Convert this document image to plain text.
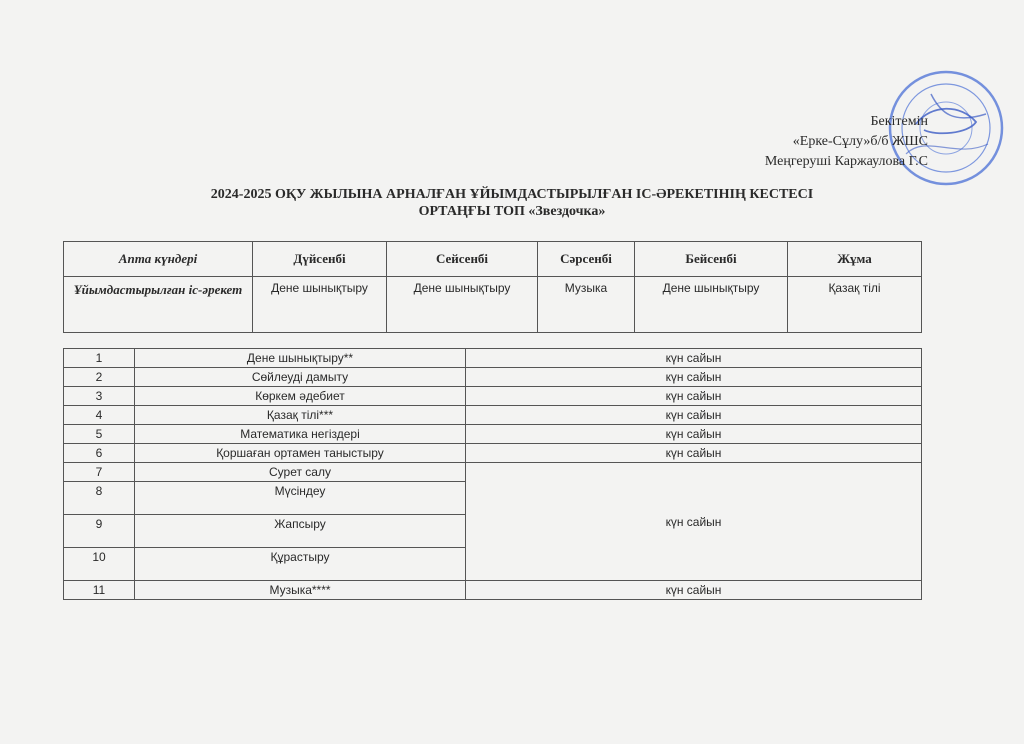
Бекітемін
«Ерке-Сұлу»б/б ЖШС
Меңгеруші Каржаулова Г.С
2024-2025 ОҚУ ЖЫЛЫНА АРНАЛҒАН ҰЙЫМДАСТЫРЫЛҒАН ІС-ӘРЕКЕТІНІҢ КЕСТЕСІ
ОРТАҢҒЫ ТОП «Звездочка»
Апта күндері	Дүйсенбі	Сейсенбі	Сәрсенбі	Бейсенбі	Жұма
Ұйымдастырылған іс-әрекет	Дене шынықтыру	Дене шынықтыру	Музыка	Дене шынықтыру	Қазақ тілі
1	Дене шынықтыру**	күн сайын
2	Сөйлеуді дамыту	күн сайын
3	Көркем әдебиет	күн сайын
4	Қазақ тілі***	күн сайын
5	Математика негіздері	күн сайын
6	Қоршаған ортамен таныстыру	күн сайын
7	Сурет салу	күн сайын
8	Мүсіндеу	
9	Жапсыру	
10	Құрастыру	
11	Музыка****	күн сайын
